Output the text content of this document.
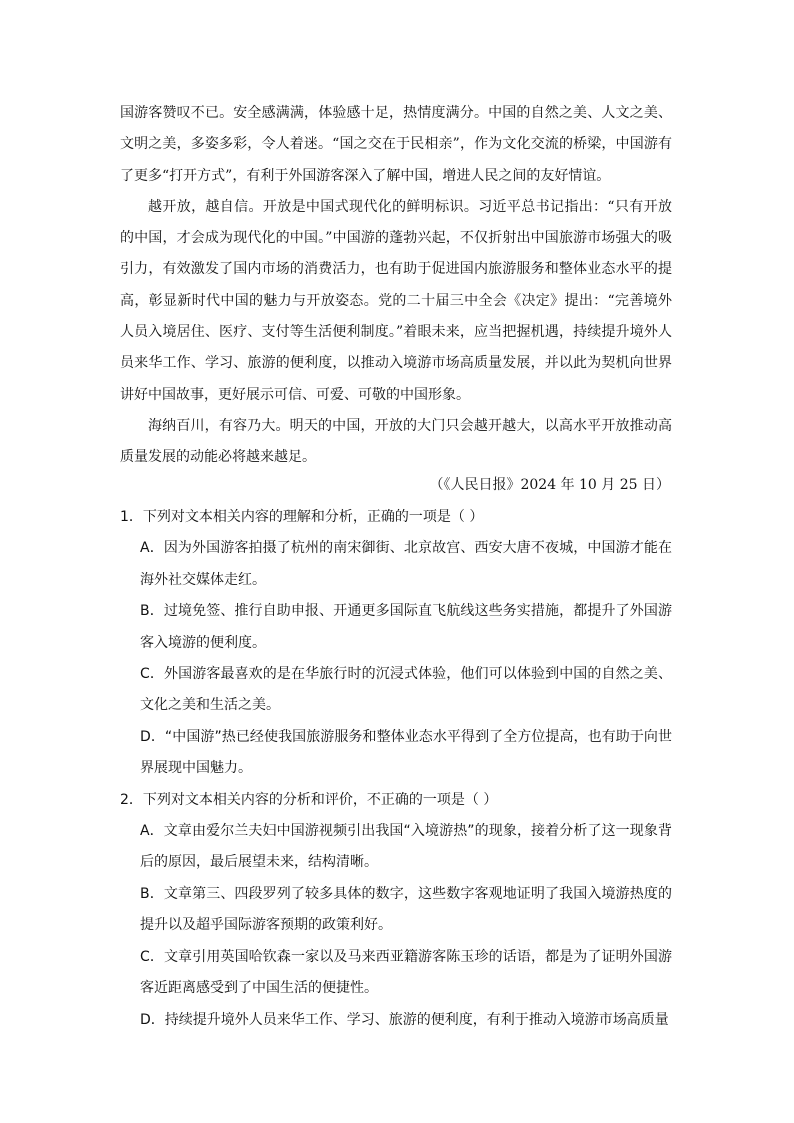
国游客赞叹不已。安全感满满，体验感十足，热情度满分。中国的自然之美、人文之美、文明之美，多姿多彩，令人着迷。“国之交在于民相亲”，作为文化交流的桥梁，中国游有了更多“打开方式”，有利于外国游客深入了解中国，增进人民之间的友好情谊。

越开放，越自信。开放是中国式现代化的鲜明标识。习近平总书记指出：“只有开放的中国，才会成为现代化的中国。”中国游的蓬勃兴起，不仅折射出中国旅游市场强大的吸引力，有效激发了国内市场的消费活力，也有助于促进国内旅游服务和整体业态水平的提高，彰显新时代中国的魅力与开放姿态。党的二十届三中全会《决定》提出：“完善境外人员入境居住、医疗、支付等生活便利制度。”着眼未来，应当把握机遇，持续提升境外人员来华工作、学习、旅游的便利度，以推动入境游市场高质量发展，并以此为契机向世界讲好中国故事，更好展示可信、可爱、可敬的中国形象。

海纳百川，有容乃大。明天的中国，开放的大门只会越开越大，以高水平开放推动高质量发展的动能必将越来越足。

（《人民日报》2024 年 10 月 25 日）

1．下列对文本相关内容的理解和分析，正确的一项是（ ）

A．因为外国游客拍摄了杭州的南宋御街、北京故宫、西安大唐不夜城，中国游才能在海外社交媒体走红。

B．过境免签、推行自助申报、开通更多国际直飞航线这些务实措施，都提升了外国游客入境游的便利度。

C．外国游客最喜欢的是在华旅行时的沉浸式体验，他们可以体验到中国的自然之美、文化之美和生活之美。

D．“中国游”热已经使我国旅游服务和整体业态水平得到了全方位提高，也有助于向世界展现中国魅力。

2．下列对文本相关内容的分析和评价，不正确的一项是（ ）

A．文章由爱尔兰夫妇中国游视频引出我国“入境游热”的现象，接着分析了这一现象背后的原因，最后展望未来，结构清晰。

B．文章第三、四段罗列了较多具体的数字，这些数字客观地证明了我国入境游热度的提升以及超乎国际游客预期的政策利好。

C．文章引用英国哈钦森一家以及马来西亚籍游客陈玉珍的话语，都是为了证明外国游客近距离感受到了中国生活的便捷性。

D．持续提升境外人员来华工作、学习、旅游的便利度，有利于推动入境游市场高质量
